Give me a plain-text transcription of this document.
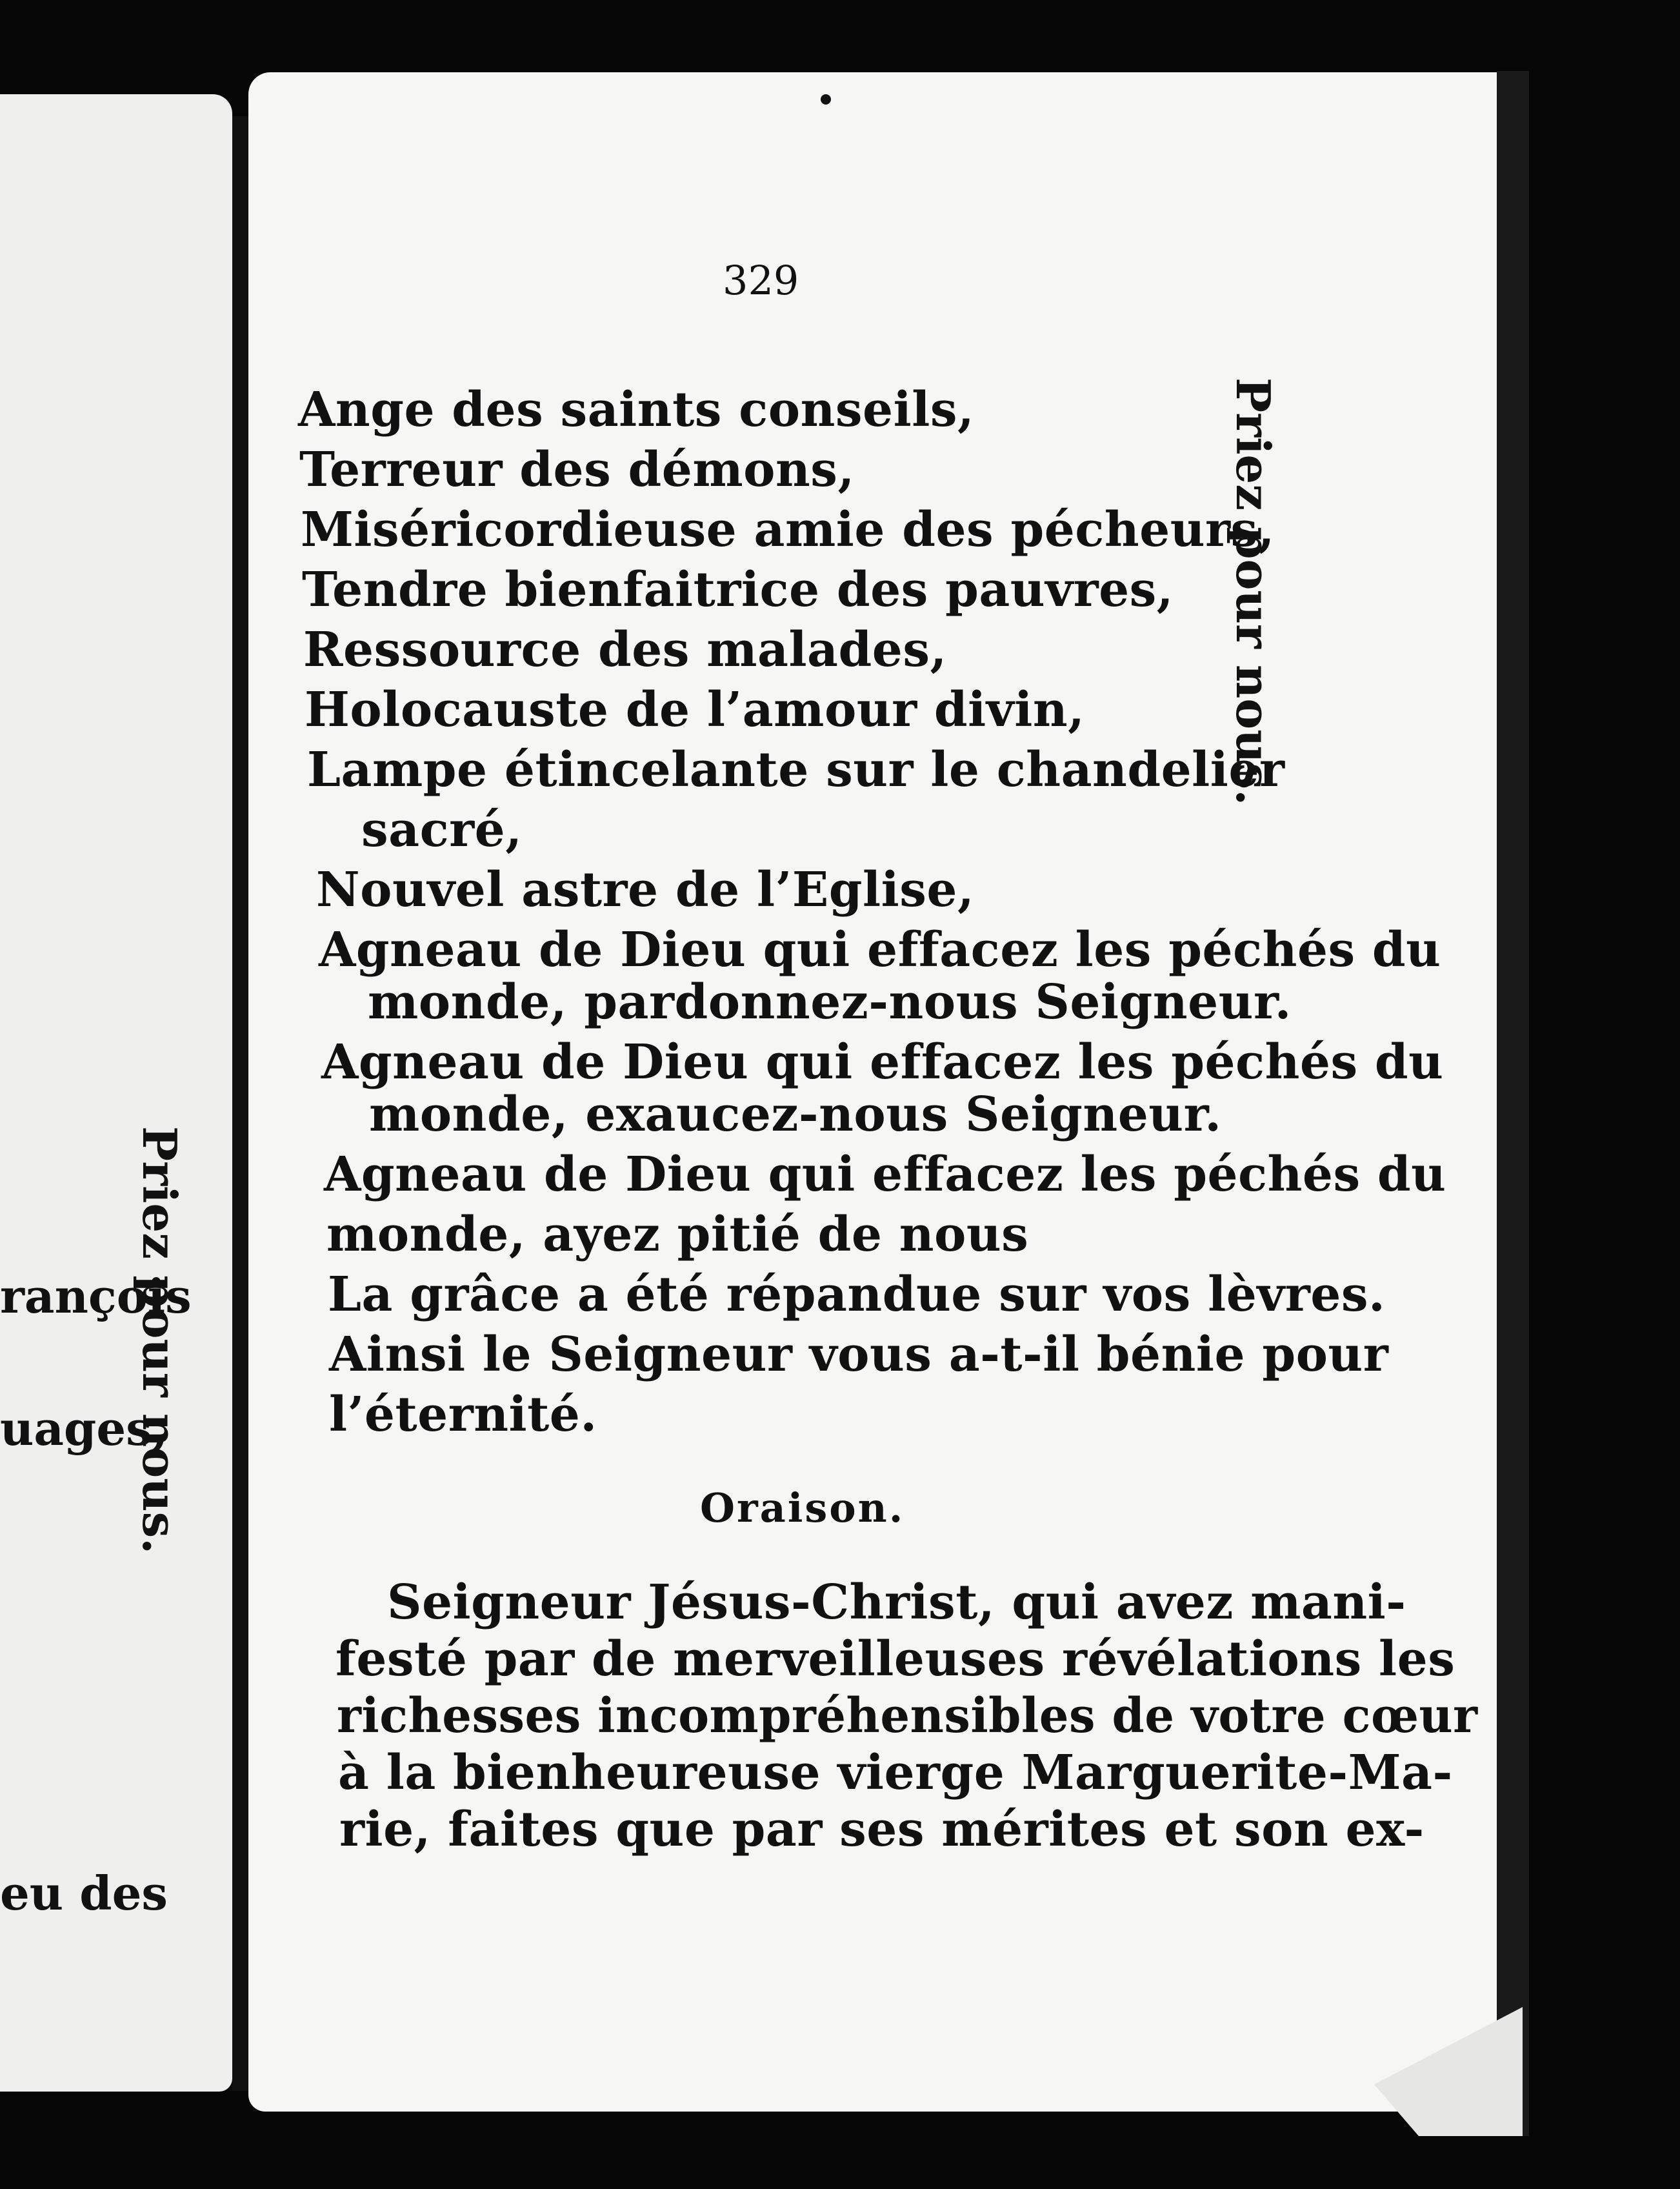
rançois
uages,
eu des
Priez pour nous.
329
Priez pour nous.
Ange des saints conseils,
Terreur des démons,
Miséricordieuse amie des pécheurs,
Tendre bienfaitrice des pauvres,
Ressource des malades,
Holocauste de l’amour divin,
Lampe étincelante sur le chandelier
sacré,
Nouvel astre de l’Eglise,
Agneau de Dieu qui effacez les péchés du
monde, pardonnez-nous Seigneur.
Agneau de Dieu qui effacez les péchés du
monde, exaucez-nous Seigneur.
Agneau de Dieu qui effacez les péchés du
monde, ayez pitié de nous
La grâce a été répandue sur vos lèvres.
Ainsi le Seigneur vous a-t-il bénie pour
l’éternité.
Oraison.
Seigneur Jésus-Christ, qui avez mani-
festé par de merveilleuses révélations les
richesses incompréhensibles de votre cœur
à la bienheureuse vierge Marguerite-Ma-
rie, faites que par ses mérites et son ex-
